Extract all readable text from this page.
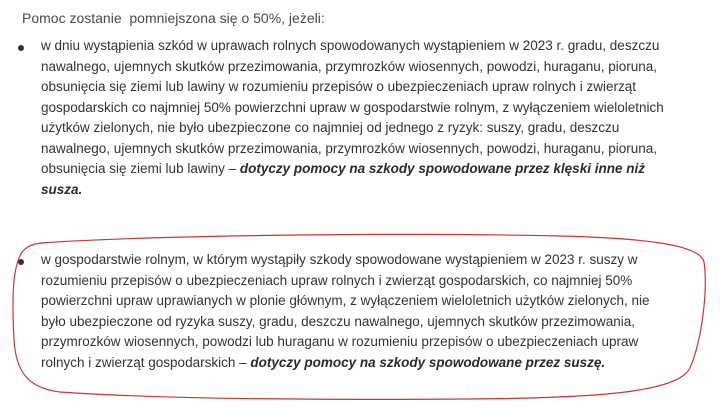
Pomoc zostanie  pomniejszona się o 50%, jeżeli:
w dniu wystąpienia szkód w uprawach rolnych spowodowanych wystąpieniem w 2023 r. gradu, deszczu nawalnego, ujemnych skutków przezimowania, przymrozków wiosennych, powodzi, huraganu, pioruna, obsunięcia się ziemi lub lawiny w rozumieniu przepisów o ubezpieczeniach upraw rolnych i zwierząt gospodarskich co najmniej 50% powierzchni upraw w gospodarstwie rolnym, z wyłączeniem wieloletnich użytków zielonych, nie było ubezpieczone co najmniej od jednego z ryzyk: suszy, gradu, deszczu nawalnego, ujemnych skutków przezimowania, przymrozków wiosennych, powodzi, huraganu, pioruna, obsunięcia się ziemi lub lawiny – dotyczy pomocy na szkody spowodowane przez klęski inne niż susza.
w gospodarstwie rolnym, w którym wystąpiły szkody spowodowane wystąpieniem w 2023 r. suszy w rozumieniu przepisów o ubezpieczeniach upraw rolnych i zwierząt gospodarskich, co najmniej 50% powierzchni upraw uprawianych w plonie głównym, z wyłączeniem wieloletnich użytków zielonych, nie było ubezpieczone od ryzyka suszy, gradu, deszczu nawalnego, ujemnych skutków przezimowania, przymrozków wiosennych, powodzi lub huraganu w rozumieniu przepisów o ubezpieczeniach upraw rolnych i zwierząt gospodarskich – dotyczy pomocy na szkody spowodowane przez suszę.
